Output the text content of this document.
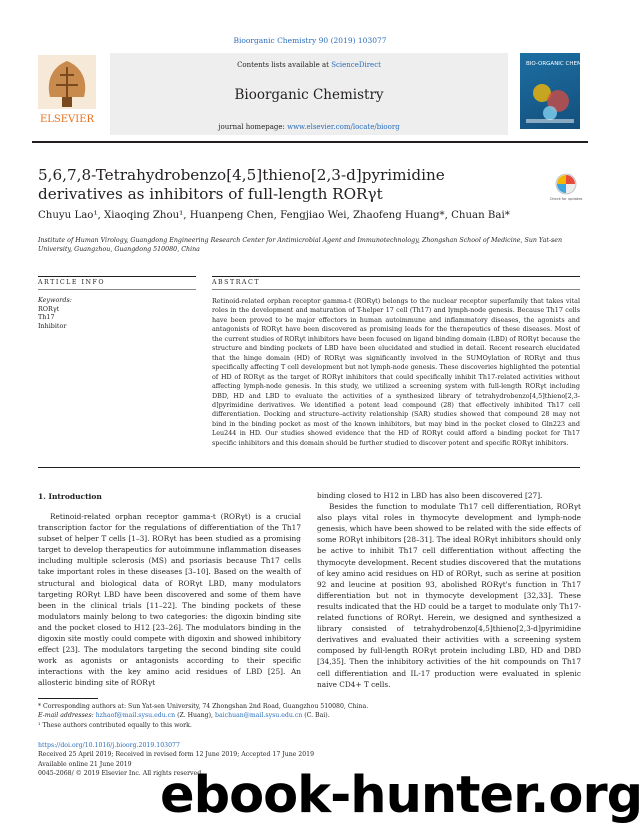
Bioorganic Chemistry 90 (2019) 103077
ELSEVIER
Contents lists available at ScienceDirect
Bioorganic Chemistry
journal homepage: www.elsevier.com/locate/bioorg
BIO-ORGANIC CHEMISTRY
5,6,7,8-Tetrahydrobenzo[4,5]thieno[2,3-d]pyrimidine derivatives as inhibitors of full-length RORγt	Check for updates
Chuyu Lao¹, Xiaoqing Zhou¹, Huanpeng Chen, Fengjiao Wei, Zhaofeng Huang*, Chuan Bai*
Institute of Human Virology, Guangdong Engineering Research Center for Antimicrobial Agent and Immunotechnology, Zhongshan School of Medicine, Sun Yat-sen University, Guangzhou, Guangdong 510080, China
ARTICLE INFO	ABSTRACT
Keywords:
RORγt
Th17
Inhibitor
Retinoid-related orphan receptor gamma-t (RORγt) belongs to the nuclear receptor superfamily that takes vital roles in the development and maturation of T-helper 17 cell (Th17) and lymph-node genesis. Because Th17 cells have been proved to be major effectors in human autoimmune and inflammatory diseases, the agonists and antagonists of RORγt have been discovered as promising leads for the therapeutics of these diseases. Most of the current studies of RORγt inhibitors have been focused on ligand binding domain (LBD) of RORγt because the structure and binding pockets of LBD have been elucidated and studied in detail. Recent research elucidated that the hinge domain (HD) of RORγt was significantly involved in the SUMOylation of RORγt and thus specifically affecting T cell development but not lymph-node genesis. These discoveries highlighted the potential of HD of RORγt as the target of RORγt inhibitors that could specifically inhibit Th17-related activities without affecting lymph-node genesis. In this study, we utilized a screening system with full-length RORγt including DBD, HD and LBD to evaluate the activities of a synthesized library of tetrahydrobenzo[4,5]thieno[2,3-d]pyrimidine derivatives. We identified a potent lead compound (28) that effectively inhibited Th17 cell differentiation. Docking and structure–activity relationship (SAR) studies showed that compound 28 may not bind in the binding pocket as most of the known inhibitors, but may bind in the pocket closed to Gln223 and Leu244 in HD. Our studies showed evidence that the HD of RORγt could afford a binding pocket for Th17 specific inhibitors and this domain should be further studied to discover potent and specific RORγt inhibitors.
1. Introduction
Retinoid-related orphan receptor gamma-t (RORγt) is a crucial transcription factor for the regulations of differentiation of the Th17 subset of helper T cells [1–3]. RORγt has been studied as a promising target to develop therapeutics for autoimmune inflammation diseases including multiple sclerosis (MS) and psoriasis because Th17 cells take important roles in these diseases [3–10]. Based on the wealth of structural and biological data of RORγt LBD, many modulators targeting RORγt LBD have been discovered and some of them have been in the clinical trials [11–22]. The binding pockets of these modulators mainly belong to two categories: the digoxin binding site and the pocket closed to H12 [23–26]. The modulators binding in the digoxin site mostly could compete with digoxin and showed inhibitory effect [23]. The modulators targeting the second binding site could work as agonists or antagonists according to their specific interactions with the key amino acid residues of LBD [25]. An allosteric binding site of RORγt

binding closed to H12 in LBD has also been discovered [27].

Besides the function to modulate Th17 cell differentiation, RORγt also plays vital roles in thymocyte development and lymph-node genesis, which have been showed to be related with the side effects of some RORγt inhibitors [28–31]. The ideal RORγt inhibitors should only be active to inhibit Th17 cell differentiation without affecting the thymocyte development. Recent studies discovered that the mutations of key amino acid residues on HD of RORγt, such as serine at position 92 and leucine at position 93, abolished RORγt's function in Th17 differentiation but not in thymocyte development [32,33]. These results indicated that the HD could be a target to modulate only Th17-related functions of RORγt. Herein, we designed and synthesized a library consisted of tetrahydrobenzo[4,5]thieno[2,3-d]pyrimidine derivatives and evaluated their activities with a screening system composed by full-length RORγt protein including LBD, HD and DBD [34,35]. Then the inhibitory activities of the hit compounds on Th17 cell differentiation and IL-17 production were evaluated in splenic naive CD4+ T cells.

* Corresponding authors at: Sun Yat-sen University, 74 Zhongshan 2nd Road, Guangzhou 510080, China.
E-mail addresses: hzhaof@mail.sysu.edu.cn (Z. Huang), baichuan@mail.sysu.edu.cn (C. Bai).
¹ These authors contributed equally to this work.
https://doi.org/10.1016/j.bioorg.2019.103077
Received 25 April 2019; Received in revised form 12 June 2019; Accepted 17 June 2019
Available online 21 June 2019
0045-2068/ © 2019 Elsevier Inc. All rights reserved.
ebook-hunter.org
